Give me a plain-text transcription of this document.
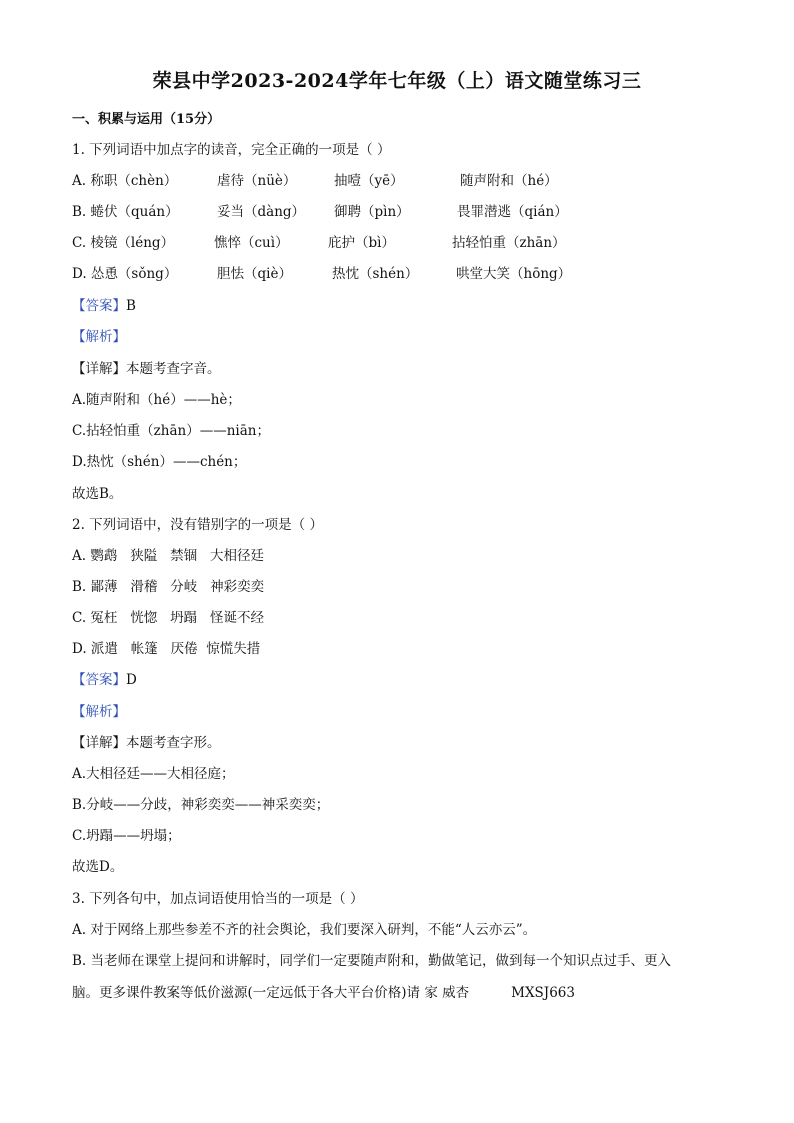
荣县中学2023-2024学年七年级（上）语文随堂练习三
一、积累与运用（15分）
1. 下列词语中加点字的读音，完全正确的一项是（ ）
A. 称职（chèn）	虐待（nüè）	抽噎（yē）	随声附和（hé）
B. 蜷伏（quán）	妥当（dàng） 御聘（pìn）	畏罪潜逃（qián）
C. 棱镜（léng）	憔悴（cuì）	庇护（bì）	拈轻怕重（zhān）
D. 怂恿（sǒng）	胆怯（qiè）	热忱（shén）	哄堂大笑（hōng）
【答案】B
【解析】
【详解】本题考查字音。
A.随声附和（hé）——hè；
C.拈轻怕重（zhān）——niān；
D.热忱（shén）——chén；
故选B。
2. 下列词语中，没有错别字的一项是（ ）
A. 鹦鹉   狭隘   禁锢   大相径廷
B. 鄙薄   滑稽   分岐   神彩奕奕
C. 冤枉   恍惚   坍蹋   怪诞不经
D. 派遣   帐篷   厌倦  惊慌失措
【答案】D
【解析】
【详解】本题考查字形。
A.大相径廷——大相径庭；
B.分岐——分歧，神彩奕奕——神采奕奕；
C.坍蹋——坍塌；
故选D。
3. 下列各句中，加点词语使用恰当的一项是（ ）
A. 对于网络上那些参差不齐的社会舆论，我们要深入研判，不能“人云亦云”。
B. 当老师在课堂上提问和讲解时，同学们一定要随声附和，勤做笔记，做到每一个知识点过手、更入
脑。更多课件教案等低价滋源(一定远低于各大平台价格)请 家 威杏	MXSJ663
